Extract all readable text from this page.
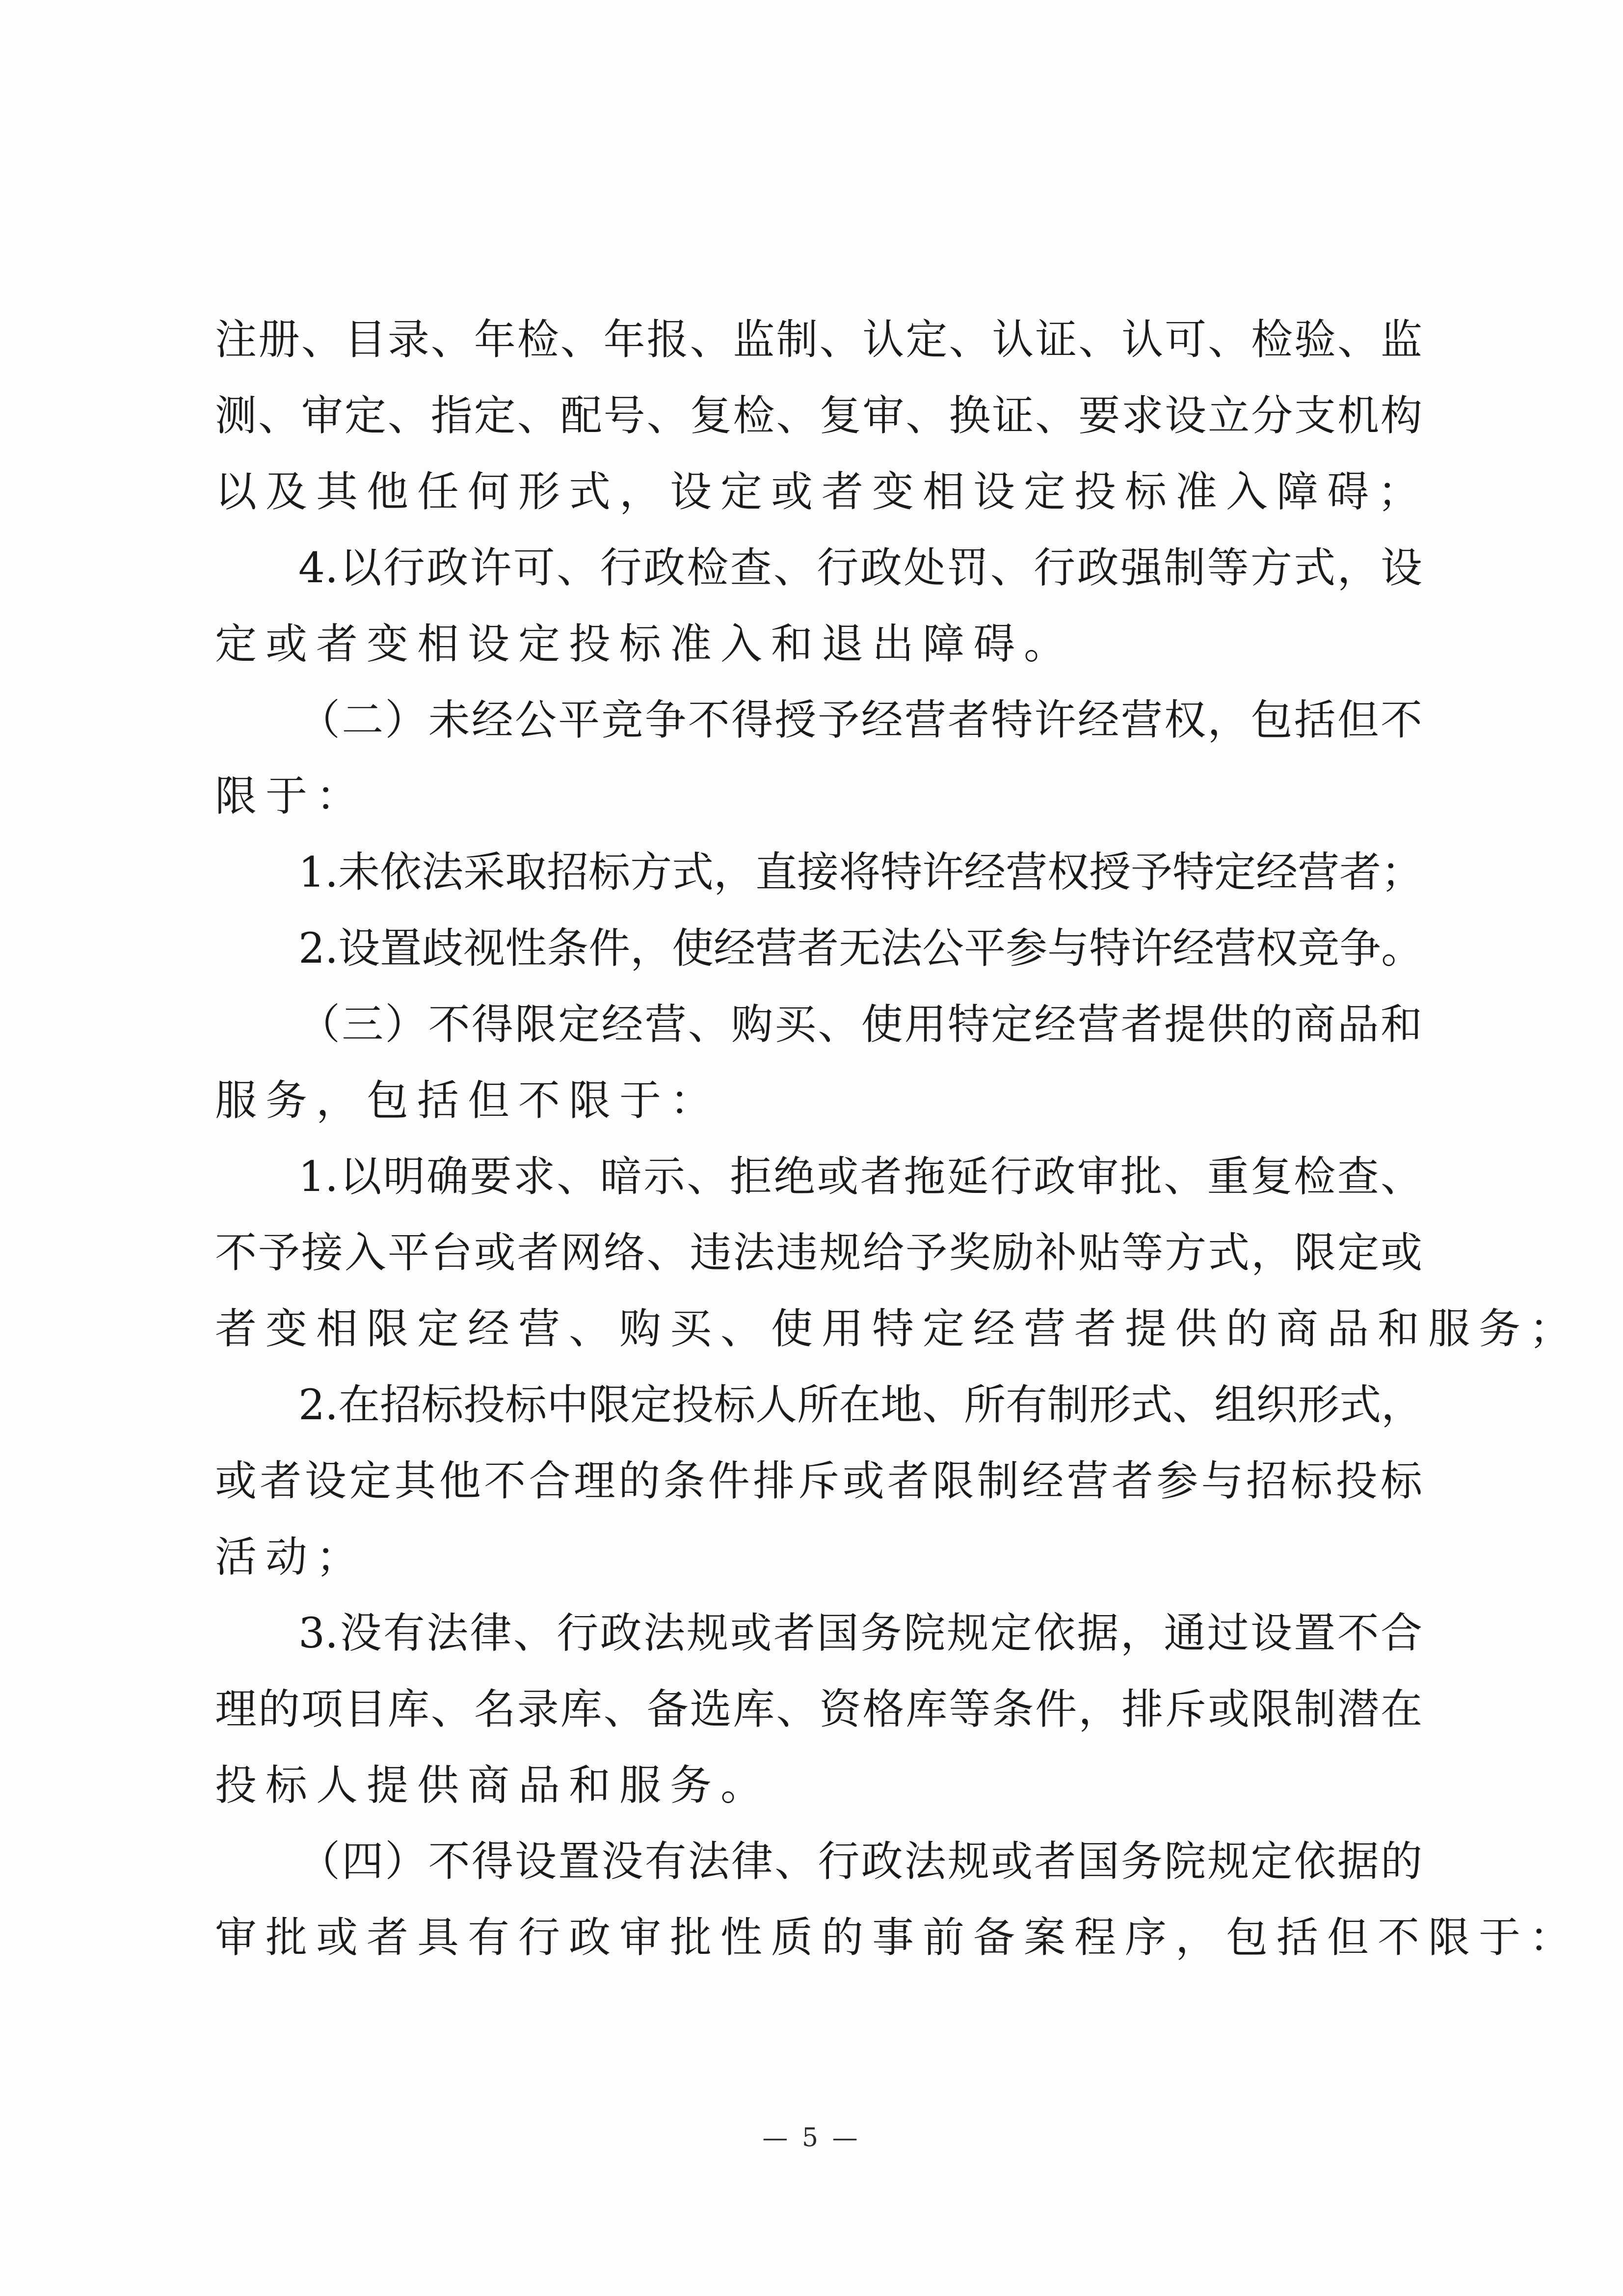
注册、目录、年检、年报、监制、认定、认证、认可、检验、监
测、审定、指定、配号、复检、复审、换证、要求设立分支机构
以及其他任何形式，设定或者变相设定投标准入障碍；
4.以行政许可、行政检查、行政处罚、行政强制等方式，设
定或者变相设定投标准入和退出障碍。
（二）未经公平竞争不得授予经营者特许经营权，包括但不
限于：
1.未依法采取招标方式，直接将特许经营权授予特定经营者；
2.设置歧视性条件，使经营者无法公平参与特许经营权竞争。
（三）不得限定经营、购买、使用特定经营者提供的商品和
服务，包括但不限于：
1.以明确要求、暗示、拒绝或者拖延行政审批、重复检查、
不予接入平台或者网络、违法违规给予奖励补贴等方式，限定或
者变相限定经营、购买、使用特定经营者提供的商品和服务；
2.在招标投标中限定投标人所在地、所有制形式、组织形式，
或者设定其他不合理的条件排斥或者限制经营者参与招标投标
活动；
3.没有法律、行政法规或者国务院规定依据，通过设置不合
理的项目库、名录库、备选库、资格库等条件，排斥或限制潜在
投标人提供商品和服务。
（四）不得设置没有法律、行政法规或者国务院规定依据的
审批或者具有行政审批性质的事前备案程序，包括但不限于：
— 5 —
